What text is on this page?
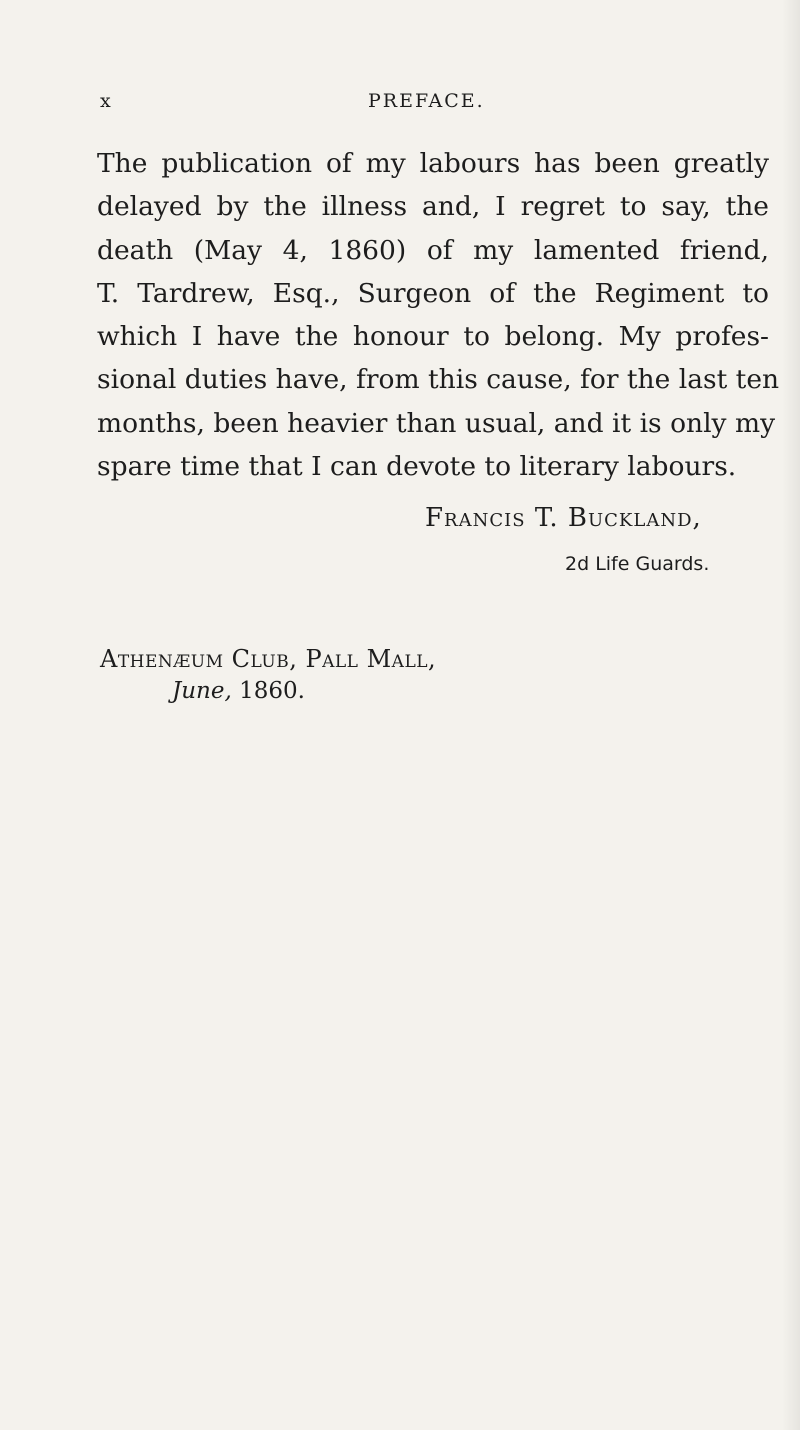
x	PREFACE.
The publication of my labours has been greatly
delayed by the illness and, I regret to say, the
death (May 4, 1860) of my lamented friend,
T. Tardrew, Esq., Surgeon of the Regiment to
which I have the honour to belong. My profes-
sional duties have, from this cause, for the last ten
months, been heavier than usual, and it is only my
spare time that I can devote to literary labours.
Francis T. Buckland,
2d Life Guards.
Athenæum Club, Pall Mall,
June, 1860.
